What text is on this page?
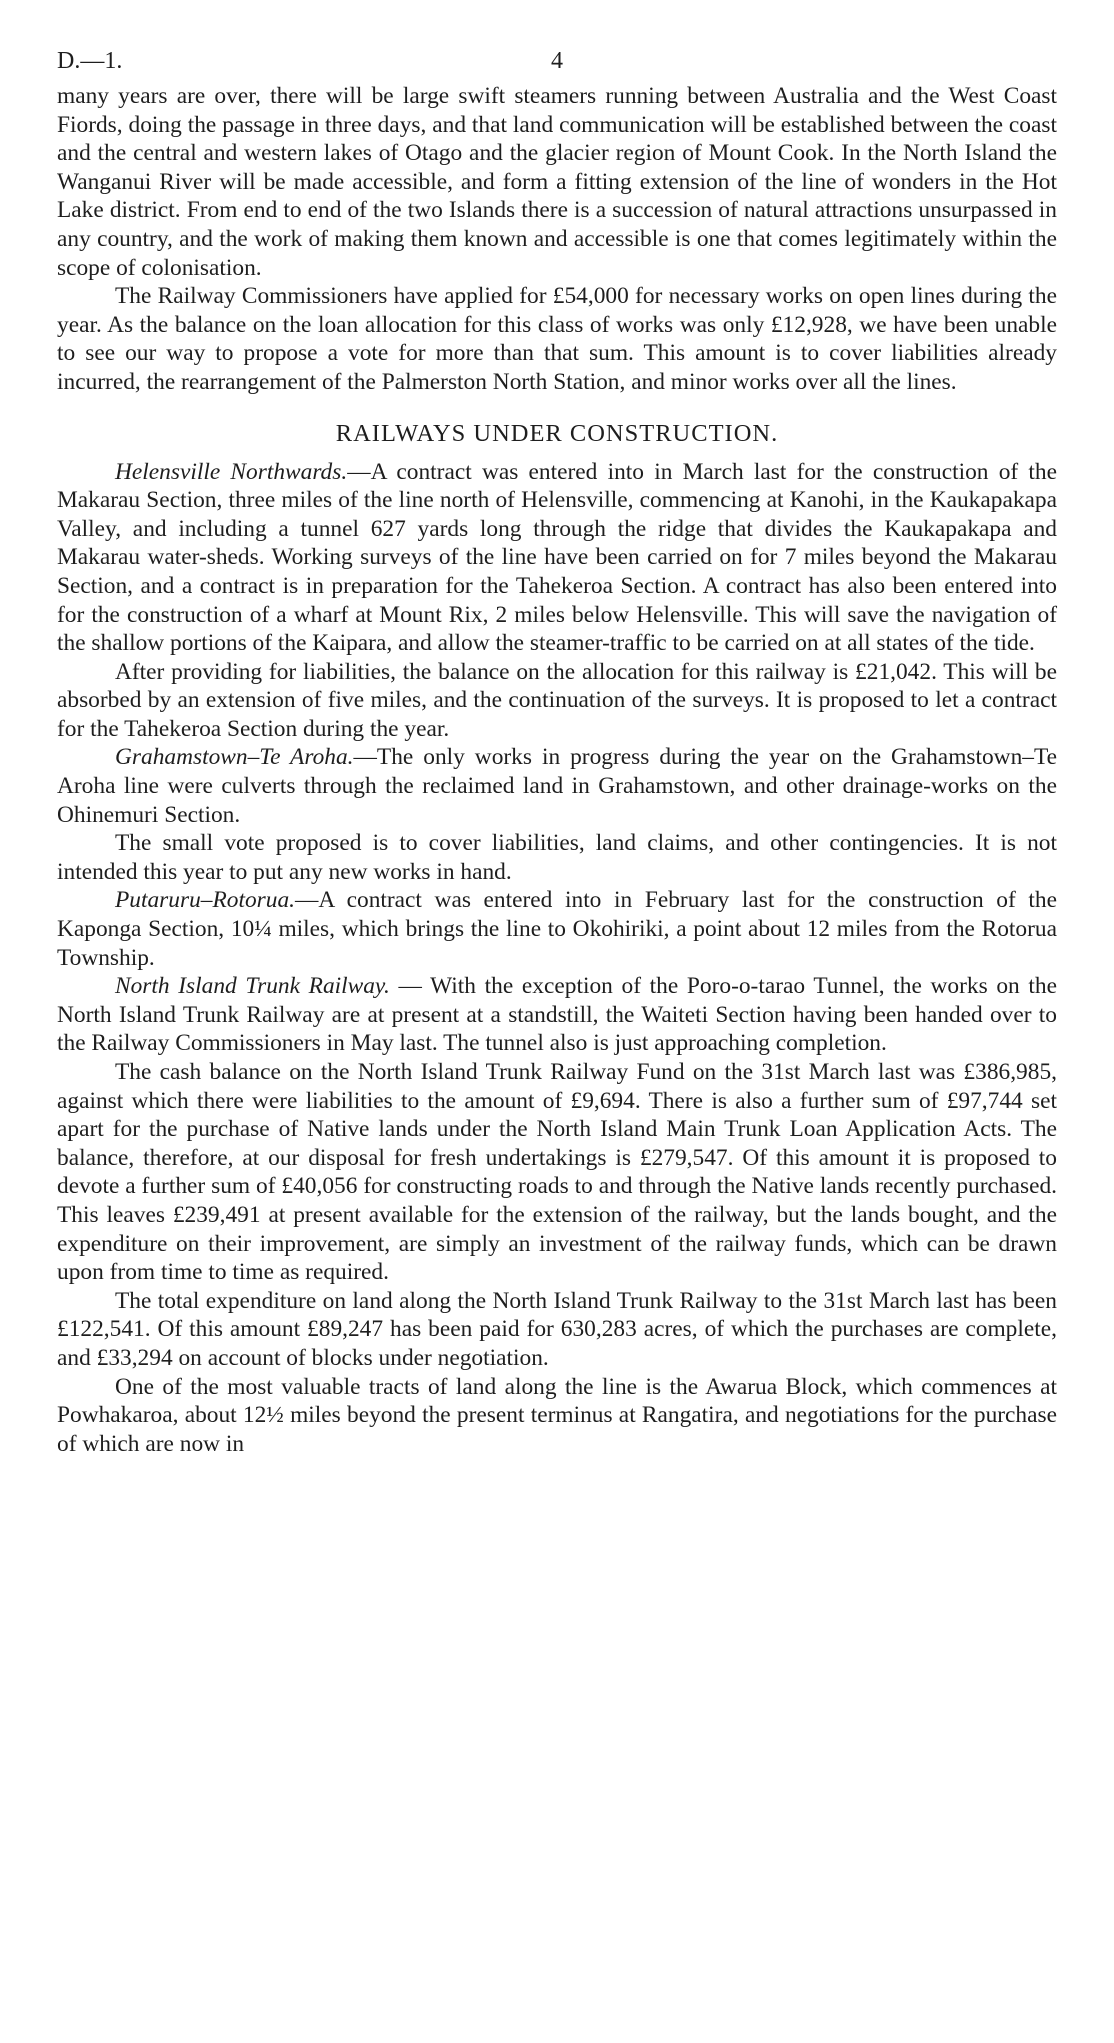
D.—1.	4

many years are over, there will be large swift steamers running between Australia and the West Coast Fiords, doing the passage in three days, and that land communication will be established between the coast and the central and western lakes of Otago and the glacier region of Mount Cook. In the North Island the Wanganui River will be made accessible, and form a fitting extension of the line of wonders in the Hot Lake district. From end to end of the two Islands there is a succession of natural attractions unsurpassed in any country, and the work of making them known and accessible is one that comes legitimately within the scope of colonisation.

The Railway Commissioners have applied for £54,000 for necessary works on open lines during the year. As the balance on the loan allocation for this class of works was only £12,928, we have been unable to see our way to propose a vote for more than that sum. This amount is to cover liabilities already incurred, the rearrangement of the Palmerston North Station, and minor works over all the lines.

RAILWAYS UNDER CONSTRUCTION.

Helensville Northwards.—A contract was entered into in March last for the construction of the Makarau Section, three miles of the line north of Helensville, commencing at Kanohi, in the Kaukapakapa Valley, and including a tunnel 627 yards long through the ridge that divides the Kaukapakapa and Makarau water-sheds. Working surveys of the line have been carried on for 7 miles beyond the Makarau Section, and a contract is in preparation for the Tahekeroa Section. A contract has also been entered into for the construction of a wharf at Mount Rix, 2 miles below Helensville. This will save the navigation of the shallow portions of the Kaipara, and allow the steamer-traffic to be carried on at all states of the tide.

After providing for liabilities, the balance on the allocation for this railway is £21,042. This will be absorbed by an extension of five miles, and the continuation of the surveys. It is proposed to let a contract for the Tahekeroa Section during the year.

Grahamstown–Te Aroha.—The only works in progress during the year on the Grahamstown–Te Aroha line were culverts through the reclaimed land in Grahamstown, and other drainage-works on the Ohinemuri Section.

The small vote proposed is to cover liabilities, land claims, and other contingencies. It is not intended this year to put any new works in hand.

Putaruru–Rotorua.—A contract was entered into in February last for the construction of the Kaponga Section, 10¼ miles, which brings the line to Okohiriki, a point about 12 miles from the Rotorua Township.

North Island Trunk Railway. — With the exception of the Poro-o-tarao Tunnel, the works on the North Island Trunk Railway are at present at a standstill, the Waiteti Section having been handed over to the Railway Commissioners in May last. The tunnel also is just approaching completion.

The cash balance on the North Island Trunk Railway Fund on the 31st March last was £386,985, against which there were liabilities to the amount of £9,694. There is also a further sum of £97,744 set apart for the purchase of Native lands under the North Island Main Trunk Loan Application Acts. The balance, therefore, at our disposal for fresh undertakings is £279,547. Of this amount it is proposed to devote a further sum of £40,056 for constructing roads to and through the Native lands recently purchased. This leaves £239,491 at present available for the extension of the railway, but the lands bought, and the expenditure on their improvement, are simply an investment of the railway funds, which can be drawn upon from time to time as required.

The total expenditure on land along the North Island Trunk Railway to the 31st March last has been £122,541. Of this amount £89,247 has been paid for 630,283 acres, of which the purchases are complete, and £33,294 on account of blocks under negotiation.

One of the most valuable tracts of land along the line is the Awarua Block, which commences at Powhakaroa, about 12½ miles beyond the present terminus at Rangatira, and negotiations for the purchase of which are now in
